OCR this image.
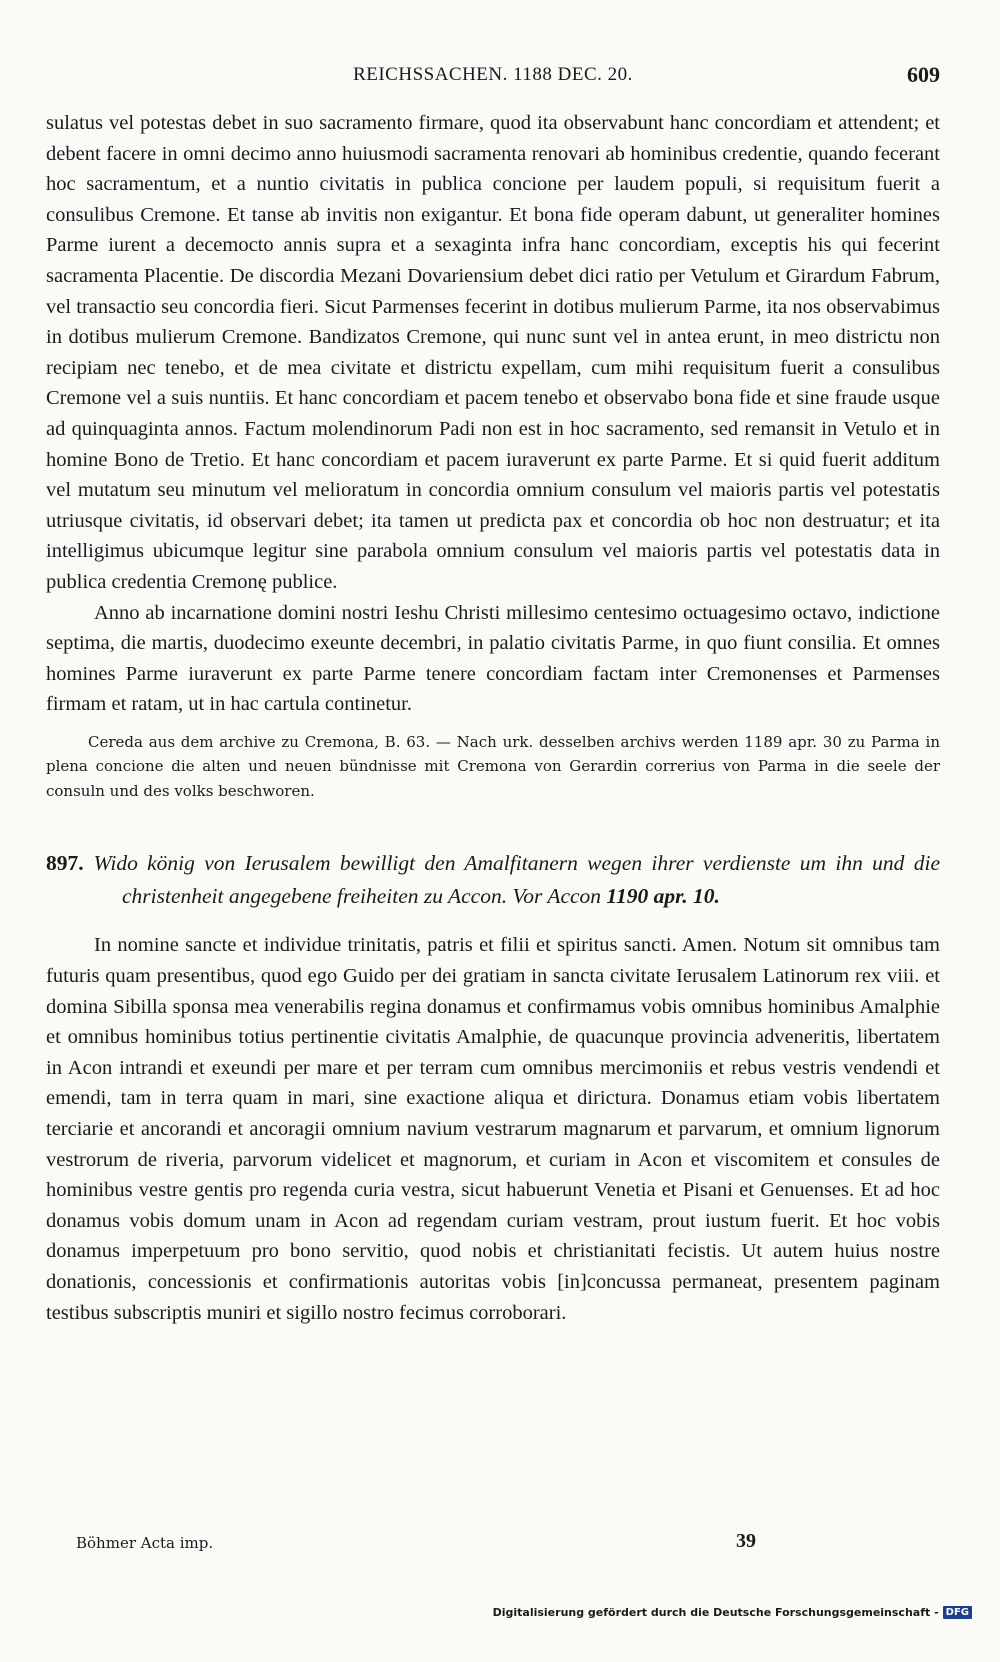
REICHSSACHEN. 1188 DEC. 20.	609

sulatus vel potestas debet in suo sacramento firmare, quod ita observabunt hanc concordiam et attendent; et debent facere in omni decimo anno huiusmodi sacramenta renovari ab hominibus credentie, quando fecerant hoc sacramentum, et a nuntio civitatis in publica concione per laudem populi, si requisitum fuerit a consulibus Cremone. Et tanse ab invitis non exigantur. Et bona fide operam dabunt, ut generaliter homines Parme iurent a decemocto annis supra et a sexaginta infra hanc concordiam, exceptis his qui fecerint sacramenta Placentie. De discordia Mezani Dovariensium debet dici ratio per Vetulum et Girardum Fabrum, vel transactio seu concordia fieri. Sicut Parmenses fecerint in dotibus mulierum Parme, ita nos observabimus in dotibus mulierum Cremone. Bandizatos Cremone, qui nunc sunt vel in antea erunt, in meo districtu non recipiam nec tenebo, et de mea civitate et districtu expellam, cum mihi requisitum fuerit a consulibus Cremone vel a suis nuntiis. Et hanc concordiam et pacem tenebo et observabo bona fide et sine fraude usque ad quinquaginta annos. Factum molendinorum Padi non est in hoc sacramento, sed remansit in Vetulo et in homine Bono de Tretio. Et hanc concordiam et pacem iuraverunt ex parte Parme. Et si quid fuerit additum vel mutatum seu minutum vel melioratum in concordia omnium consulum vel maioris partis vel potestatis utriusque civitatis, id observari debet; ita tamen ut predicta pax et concordia ob hoc non destruatur; et ita intelligimus ubicumque legitur sine parabola omnium consulum vel maioris partis vel potestatis data in publica credentia Cremonę publice.

Anno ab incarnatione domini nostri Ieshu Christi millesimo centesimo octuagesimo octavo, indictione septima, die martis, duodecimo exeunte decembri, in palatio civitatis Parme, in quo fiunt consilia. Et omnes homines Parme iuraverunt ex parte Parme tenere concordiam factam inter Cremonenses et Parmenses firmam et ratam, ut in hac cartula continetur.

Cereda aus dem archive zu Cremona, B. 63. — Nach urk. desselben archivs werden 1189 apr. 30 zu Parma in plena concione die alten und neuen bündnisse mit Cremona von Gerardin correrius von Parma in die seele der consuln und des volks beschworen.

897. Wido könig von Ierusalem bewilligt den Amalfitanern wegen ihrer verdienste um ihn und die christenheit angegebene freiheiten zu Accon. Vor Accon 1190 apr. 10.

In nomine sancte et individue trinitatis, patris et filii et spiritus sancti. Amen. Notum sit omnibus tam futuris quam presentibus, quod ego Guido per dei gratiam in sancta civitate Ierusalem Latinorum rex viii. et domina Sibilla sponsa mea venerabilis regina donamus et confirmamus vobis omnibus hominibus Amalphie et omnibus hominibus totius pertinentie civitatis Amalphie, de quacunque provincia adveneritis, libertatem in Acon intrandi et exeundi per mare et per terram cum omnibus mercimoniis et rebus vestris vendendi et emendi, tam in terra quam in mari, sine exactione aliqua et dirictura. Donamus etiam vobis libertatem terciarie et ancorandi et ancoragii omnium navium vestrarum magnarum et parvarum, et omnium lignorum vestrorum de riveria, parvorum videlicet et magnorum, et curiam in Acon et viscomitem et consules de hominibus vestre gentis pro regenda curia vestra, sicut habuerunt Venetia et Pisani et Genuenses. Et ad hoc donamus vobis domum unam in Acon ad regendam curiam vestram, prout iustum fuerit. Et hoc vobis donamus imperpetuum pro bono servitio, quod nobis et christianitati fecistis. Ut autem huius nostre donationis, concessionis et confirmationis autoritas vobis [in]concussa permaneat, presentem paginam testibus subscriptis muniri et sigillo nostro fecimus corroborari.

Böhmer Acta imp.	39
Digitalisierung gefördert durch die Deutsche Forschungsgemeinschaft - DFG
